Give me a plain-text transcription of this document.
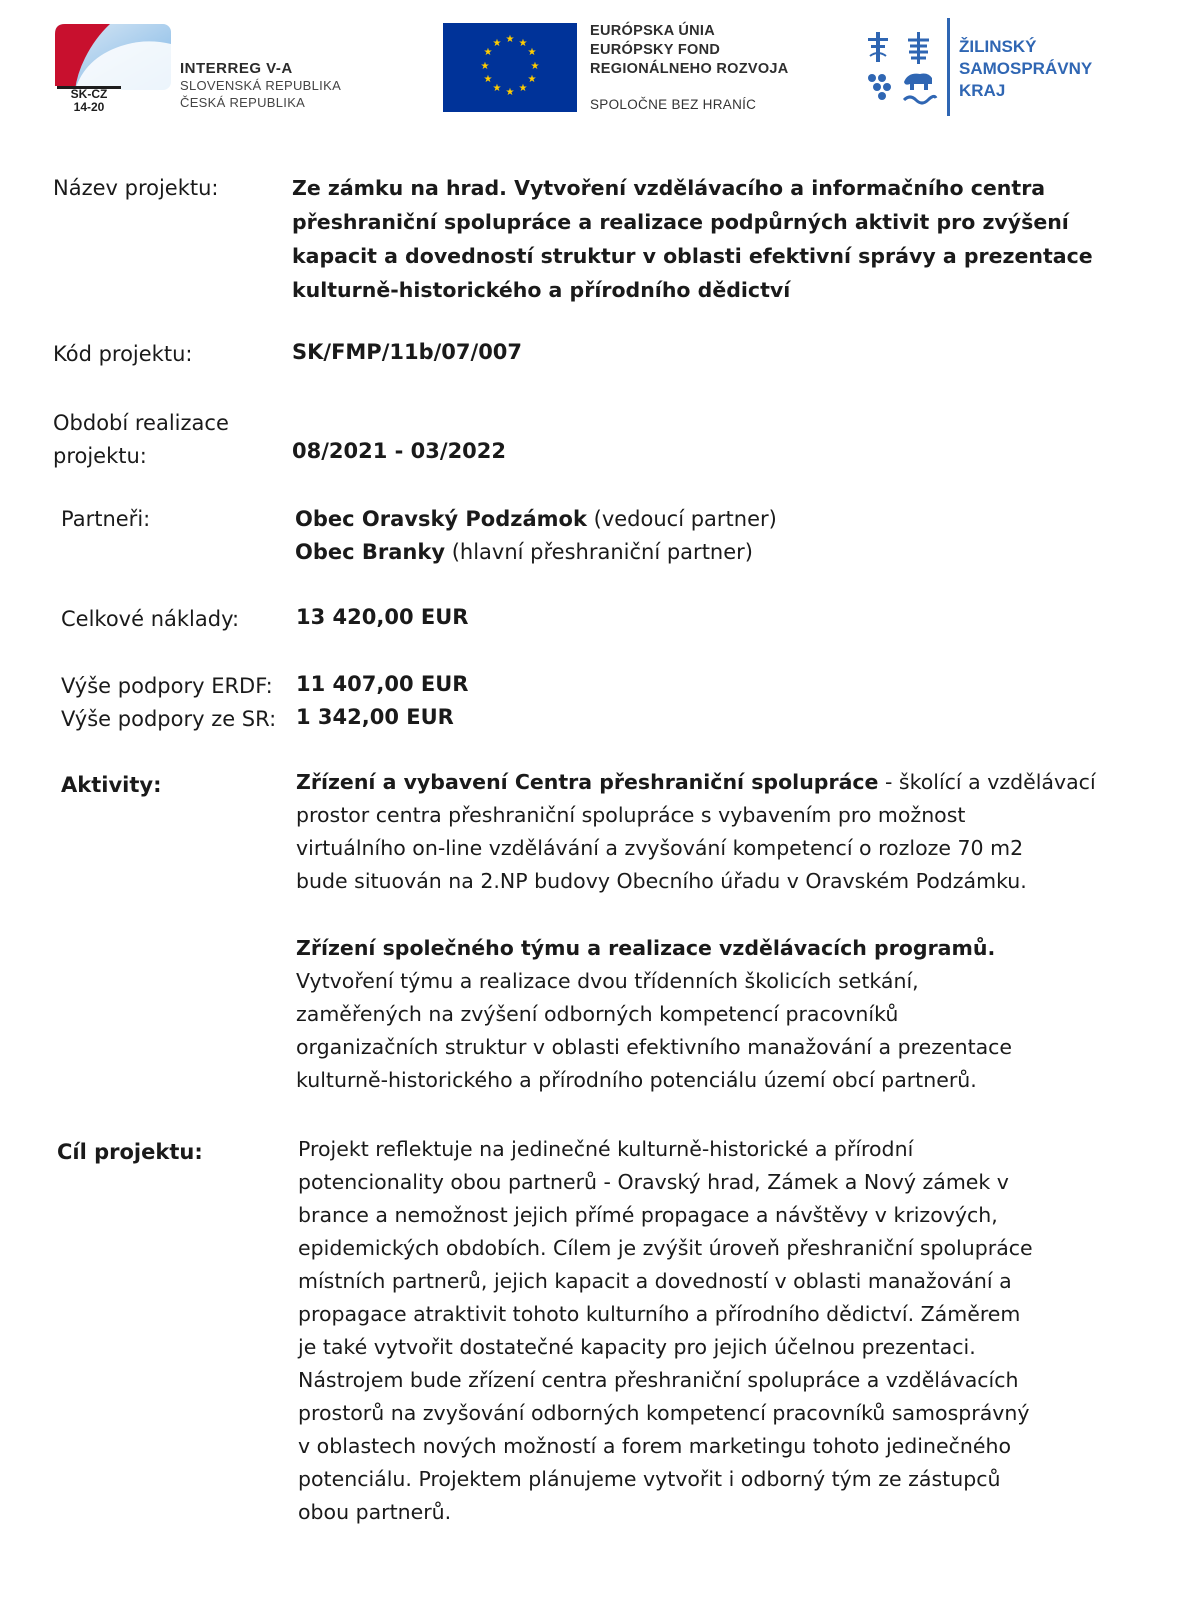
SK-CZ
14-20
INTERREG V-A
SLOVENSKÁ REPUBLIKA
ČESKÁ REPUBLIKA
★ ★
★
★
★
★
★
★
★
★
★
★
EURÓPSKA ÚNIA
EURÓPSKY FOND
REGIONÁLNEHO ROZVOJA
SPOLOČNE BEZ HRANÍC
ŽILINSKÝ
SAMOSPRÁVNY
KRAJ
Název projektu:	Ze zámku na hrad. Vytvoření vzdělávacího a informačního centra
přeshraniční spolupráce a realizace podpůrných aktivit pro zvýšení
kapacit a dovedností struktur v oblasti efektivní správy a prezentace
kulturně-historického a přírodního dědictví
Kód projektu:	SK/FMP/11b/07/007
Období realizace
projektu:	08/2021 - 03/2022
Partneři:	Obec Oravský Podzámok (vedoucí partner)
Obec Branky (hlavní přeshraniční partner)
Celkové náklady:	13 420,00 EUR
Výše podpory ERDF: 11 407,00 EUR
Výše podpory ze SR: 1 342,00 EUR
Aktivity:	Zřízení a vybavení Centra přeshraniční spolupráce - školící a vzdělávací
prostor centra přeshraniční spolupráce s vybavením pro možnost
virtuálního on-line vzdělávání a zvyšování kompetencí o rozloze 70 m2
bude situován na 2.NP budovy Obecního úřadu v Oravském Podzámku.
Zřízení společného týmu a realizace vzdělávacích programů.
Vytvoření týmu a realizace dvou třídenních školicích setkání,
zaměřených na zvýšení odborných kompetencí pracovníků
organizačních struktur v oblasti efektivního manažování a prezentace
kulturně-historického a přírodního potenciálu území obcí partnerů.
Cíl projektu:	Projekt reflektuje na jedinečné kulturně-historické a přírodní
potencionality obou partnerů - Oravský hrad, Zámek a Nový zámek v
brance a nemožnost jejich přímé propagace a návštěvy v krizových,
epidemických obdobích. Cílem je zvýšit úroveň přeshraniční spolupráce
místních partnerů, jejich kapacit a dovedností v oblasti manažování a
propagace atraktivit tohoto kulturního a přírodního dědictví. Záměrem
je také vytvořit dostatečné kapacity pro jejich účelnou prezentaci.
Nástrojem bude zřízení centra přeshraniční spolupráce a vzdělávacích
prostorů na zvyšování odborných kompetencí pracovníků samosprávný
v oblastech nových možností a forem marketingu tohoto jedinečného
potenciálu. Projektem plánujeme vytvořit i odborný tým ze zástupců
obou partnerů.
